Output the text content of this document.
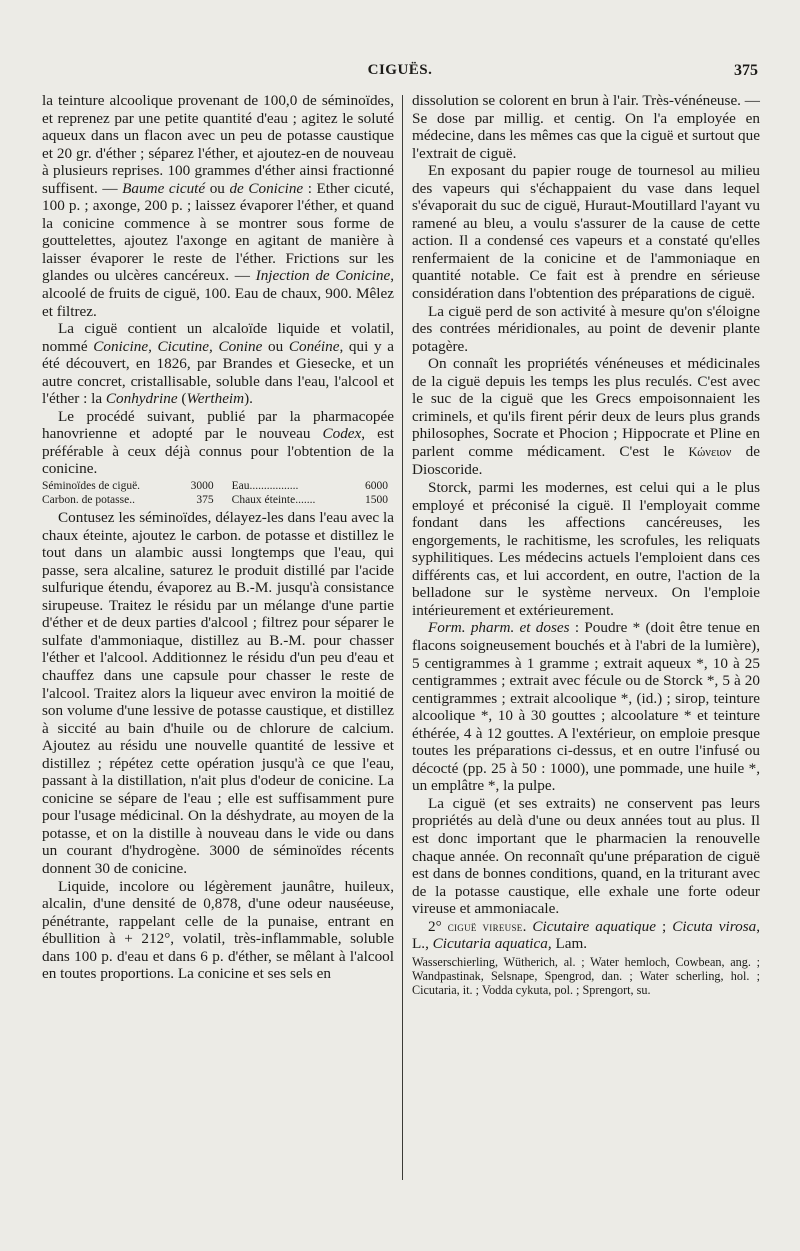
CIGUËS.	375

la teinture alcoolique provenant de 100,0 de séminoïdes, et reprenez par une petite quantité d'eau ; agitez le soluté aqueux dans un flacon avec un peu de potasse caustique et 20 gr. d'éther ; séparez l'éther, et ajoutez-en de nouveau à plusieurs reprises. 100 grammes d'éther ainsi fractionné suffisent. — Baume cicuté ou de Conicine : Ether cicuté, 100 p. ; axonge, 200 p. ; laissez évaporer l'éther, et quand la conicine commence à se montrer sous forme de gouttelettes, ajoutez l'axonge en agitant de manière à laisser évaporer le reste de l'éther. Frictions sur les glandes ou ulcères cancéreux. — Injection de Conicine, alcoolé de fruits de ciguë, 100. Eau de chaux, 900. Mêlez et filtrez.

La ciguë contient un alcaloïde liquide et volatil, nommé Conicine, Cicutine, Conine ou Conéine, qui y a été découvert, en 1826, par Brandes et Giesecke, et un autre concret, cristallisable, soluble dans l'eau, l'alcool et l'éther : la Conhydrine (Wertheim).

Le procédé suivant, publié par la pharmacopée hanovrienne et adopté par le nouveau Codex, est préférable à ceux déjà connus pour l'obtention de la conicine.

Séminoïdes de ciguë.	3000	Eau.................	6000
Carbon. de potasse..	375	Chaux éteinte.......	1500

Contusez les séminoïdes, délayez-les dans l'eau avec la chaux éteinte, ajoutez le carbon. de potasse et distillez le tout dans un alambic aussi longtemps que l'eau, qui passe, sera alcaline, saturez le produit distillé par l'acide sulfurique étendu, évaporez au B.-M. jusqu'à consistance sirupeuse. Traitez le résidu par un mélange d'une partie d'éther et de deux parties d'alcool ; filtrez pour séparer le sulfate d'ammoniaque, distillez au B.-M. pour chasser l'éther et l'alcool. Additionnez le résidu d'un peu d'eau et chauffez dans une capsule pour chasser le reste de l'alcool. Traitez alors la liqueur avec environ la moitié de son volume d'une lessive de potasse caustique, et distillez à siccité au bain d'huile ou de chlorure de calcium. Ajoutez au résidu une nouvelle quantité de lessive et distillez ; répétez cette opération jusqu'à ce que l'eau, passant à la distillation, n'ait plus d'odeur de conicine. La conicine se sépare de l'eau ; elle est suffisamment pure pour l'usage médicinal. On la déshydrate, au moyen de la potasse, et on la distille à nouveau dans le vide ou dans un courant d'hydrogène. 3000 de séminoïdes récents donnent 30 de conicine.

Liquide, incolore ou légèrement jaunâtre, huileux, alcalin, d'une densité de 0,878, d'une odeur nauséeuse, pénétrante, rappelant celle de la punaise, entrant en ébullition à + 212°, volatil, très-inflammable, soluble dans 100 p. d'eau et dans 6 p. d'éther, se mêlant à l'alcool en toutes proportions. La conicine et ses sels en

dissolution se colorent en brun à l'air. Très-vénéneuse. — Se dose par millig. et centig. On l'a employée en médecine, dans les mêmes cas que la ciguë et surtout que l'extrait de ciguë.

En exposant du papier rouge de tournesol au milieu des vapeurs qui s'échappaient du vase dans lequel s'évaporait du suc de ciguë, Huraut-Moutillard l'ayant vu ramené au bleu, a voulu s'assurer de la cause de cette action. Il a condensé ces vapeurs et a constaté qu'elles renfermaient de la conicine et de l'ammoniaque en quantité notable. Ce fait est à prendre en sérieuse considération dans l'obtention des préparations de ciguë.

La ciguë perd de son activité à mesure qu'on s'éloigne des contrées méridionales, au point de devenir plante potagère.

On connaît les propriétés vénéneuses et médicinales de la ciguë depuis les temps les plus reculés. C'est avec le suc de la ciguë que les Grecs empoisonnaient les criminels, et qu'ils firent périr deux de leurs plus grands philosophes, Socrate et Phocion ; Hippocrate et Pline en parlent comme médicament. C'est le Κώνειον de Dioscoride.

Storck, parmi les modernes, est celui qui a le plus employé et préconisé la ciguë. Il l'employait comme fondant dans les affections cancéreuses, les engorgements, le rachitisme, les scrofules, les reliquats syphilitiques. Les médecins actuels l'emploient dans ces différents cas, et lui accordent, en outre, l'action de la belladone sur le système nerveux. On l'emploie intérieurement et extérieurement.

Form. pharm. et doses : Poudre * (doit être tenue en flacons soigneusement bouchés et à l'abri de la lumière), 5 centigrammes à 1 gramme ; extrait aqueux *, 10 à 25 centigrammes ; extrait avec fécule ou de Storck *, 5 à 20 centigrammes ; extrait alcoolique *, (id.) ; sirop, teinture alcoolique *, 10 à 30 gouttes ; alcoolature * et teinture éthérée, 4 à 12 gouttes. A l'extérieur, on emploie presque toutes les préparations ci-dessus, et en outre l'infusé ou décocté (pp. 25 à 50 : 1000), une pommade, une huile *, un emplâtre *, la pulpe.

La ciguë (et ses extraits) ne conservent pas leurs propriétés au delà d'une ou deux années tout au plus. Il est donc important que le pharmacien la renouvelle chaque année. On reconnaît qu'une préparation de ciguë est dans de bonnes conditions, quand, en la triturant avec de la potasse caustique, elle exhale une forte odeur vireuse et ammoniacale.

2° ciguë vireuse. Cicutaire aquatique ; Cicuta virosa, L., Cicutaria aquatica, Lam.

Wasserschierling, Wütherich, al. ; Water hemloch, Cowbean, ang. ; Wandpastinak, Selsnape, Spengrod, dan. ; Water scherling, hol. ; Cicutaria, it. ; Vodda cykuta, pol. ; Sprengort, su.
